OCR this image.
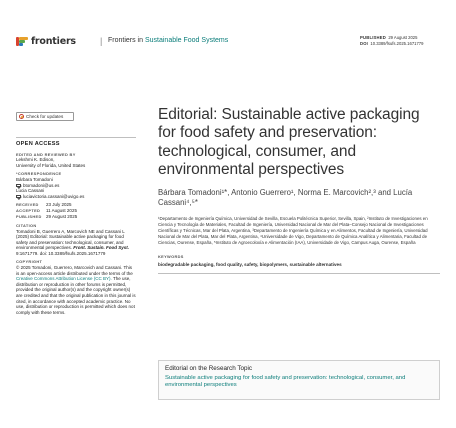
frontiers	| Frontiers in Sustainable Food Systems	PUBLISHED 29 August 2025
DOI 10.3389/fsufs.2025.1671779
Check for updates
OPEN ACCESS
EDITED AND REVIEWED BY
Lekshmi K. Edison,
University of Florida, United States
*CORRESPONDENCE
Bárbara Tomadoni
btomadoni@us.es
Lucia Cassani
luciavictoria.cassani@uvigo.es
RECEIVED	23 July 2025
ACCEPTED	11 August 2025
PUBLISHED 29 August 2025
CITATION
Tomadoni B, Guerrero A, Marcovich NE and Cassani L (2025) Editorial: Sustainable active packaging for food safety and preservation: technological, consumer, and environmental perspectives. Front. Sustain. Food Syst. 9:1671779. doi: 10.3389/fsufs.2025.1671779
COPYRIGHT
© 2025 Tomadoni, Guerrero, Marcovich and Cassani. This is an open-access article distributed under the terms of the Creative Commons Attribution License (CC BY). The use, distribution or reproduction in other forums is permitted, provided the original author(s) and the copyright owner(s) are credited and that the original publication in this journal is cited, in accordance with accepted academic practice. No use, distribution or reproduction is permitted which does not comply with these terms.
Editorial: Sustainable active packaging for food safety and preservation: technological, consumer, and environmental perspectives
Bárbara Tomadoni¹*, Antonio Guerrero¹, Norma E. Marcovich²,³ and Lucía Cassani⁴,⁵*
¹Departamento de Ingeniería Química, Universidad de Sevilla, Escuela Politécnica Superior, Sevilla, Spain, ²Instituto de Investigaciones en Ciencia y Tecnología de Materiales, Facultad de Ingeniería, Universidad Nacional de Mar del Plata–Consejo Nacional de Investigaciones Científicas y Técnicas, Mar del Plata, Argentina, ³Departamento de Ingeniería Química y en Alimentos, Facultad de Ingeniería, Universidad Nacional de Mar del Plata, Mar del Plata, Argentina, ⁴Universidade de Vigo, Departamento de Química Analítica y Alimentaria, Facultad de Ciencias, Ourense, España, ⁵Instituto de Agroecoloxía e Alimentación (IAA), Universidade de Vigo, Campus Auga, Ourense, España
KEYWORDS
biodegradable packaging, food quality, safety, biopolymers, sustainable alternatives
Editorial on the Research Topic
Sustainable active packaging for food safety and preservation: technological, consumer, and environmental perspectives
